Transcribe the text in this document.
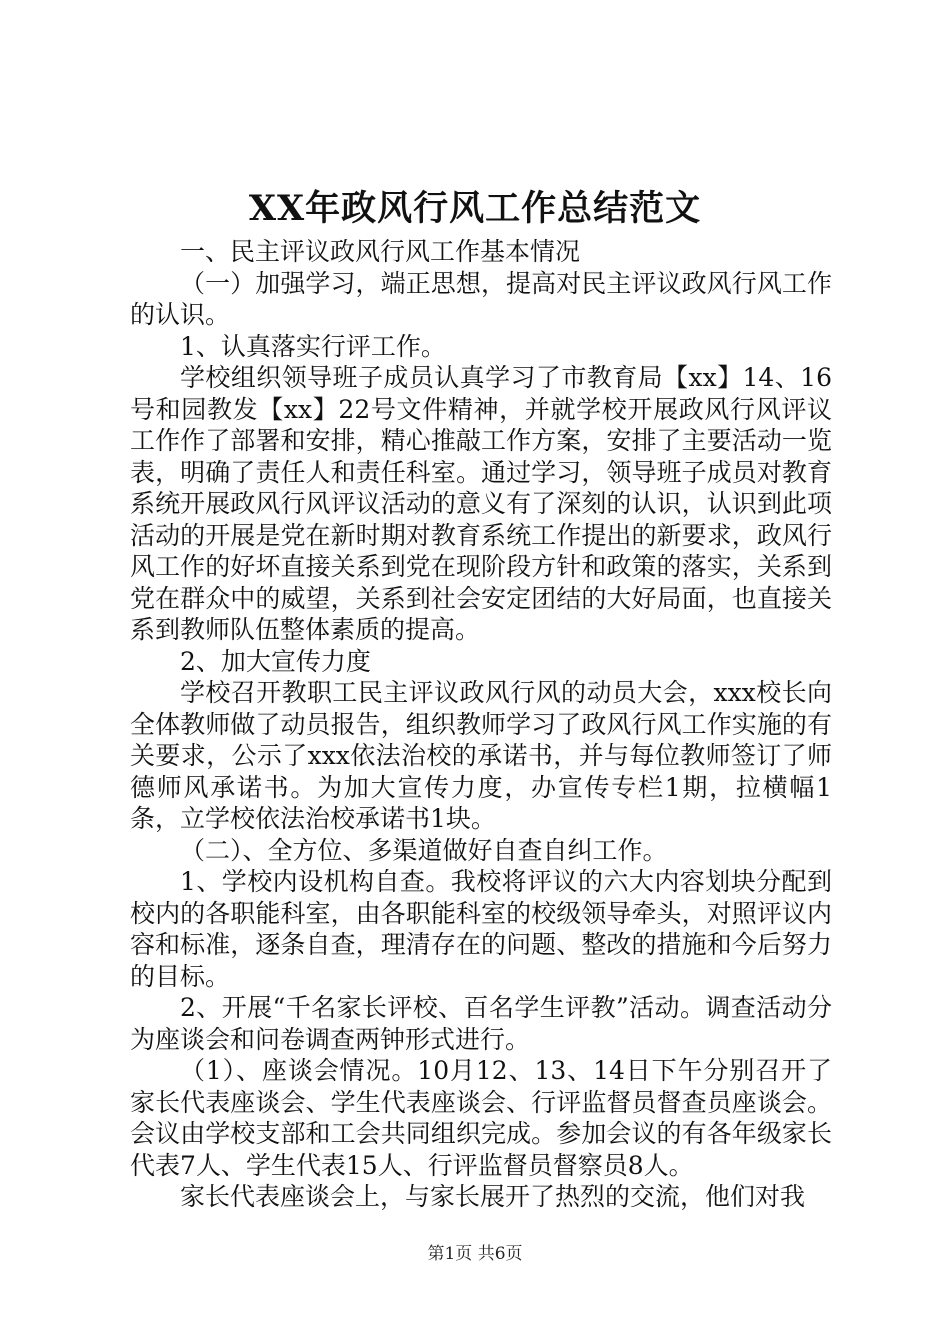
XX年政风行风工作总结范文

一、民主评议政风行风工作基本情况

（一）加强学习，端正思想，提高对民主评议政风行风工作的认识。

1、认真落实行评工作。

学校组织领导班子成员认真学习了市教育局【xx】14、16号和园教发【xx】22号文件精神，并就学校开展政风行风评议工作作了部署和安排，精心推敲工作方案，安排了主要活动一览表，明确了责任人和责任科室。通过学习，领导班子成员对教育系统开展政风行风评议活动的意义有了深刻的认识，认识到此项活动的开展是党在新时期对教育系统工作提出的新要求，政风行风工作的好坏直接关系到党在现阶段方针和政策的落实，关系到党在群众中的威望，关系到社会安定团结的大好局面，也直接关系到教师队伍整体素质的提高。

2、加大宣传力度

学校召开教职工民主评议政风行风的动员大会，xxx校长向全体教师做了动员报告，组织教师学习了政风行风工作实施的有关要求，公示了xxx依法治校的承诺书，并与每位教师签订了师德师风承诺书。为加大宣传力度，办宣传专栏1期，拉横幅1条，立学校依法治校承诺书1块。

（二）、全方位、多渠道做好自查自纠工作。

1、学校内设机构自查。我校将评议的六大内容划块分配到校内的各职能科室，由各职能科室的校级领导牵头，对照评议内容和标准，逐条自查，理清存在的问题、整改的措施和今后努力的目标。

2、开展“千名家长评校、百名学生评教”活动。调查活动分为座谈会和问卷调查两钟形式进行。

（1）、座谈会情况。10月12、13、14日下午分别召开了家长代表座谈会、学生代表座谈会、行评监督员督查员座谈会。会议由学校支部和工会共同组织完成。参加会议的有各年级家长代表7人、学生代表15人、行评监督员督察员8人。

家长代表座谈会上，与家长展开了热烈的交流，他们对我

第1页 共6页
